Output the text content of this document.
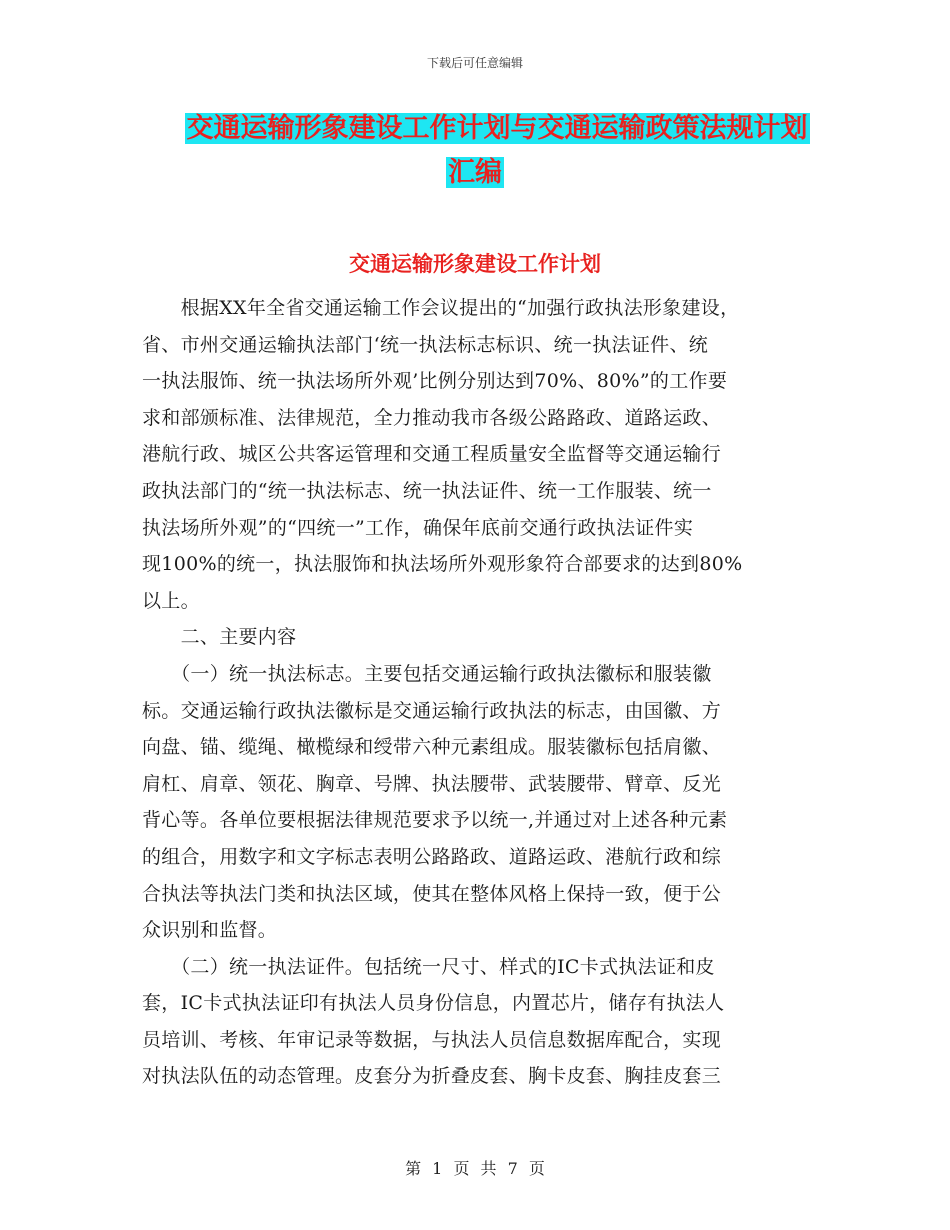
下载后可任意编辑
交通运输形象建设工作计划与交通运输政策法规计划
汇编
交通运输形象建设工作计划
　　根据XX年全省交通运输工作会议提出的“加强行政执法形象建设，
省、市州交通运输执法部门‘统一执法标志标识、统一执法证件、统
一执法服饰、统一执法场所外观’比例分别达到70%、80%”的工作要
求和部颁标准、法律规范，全力推动我市各级公路路政、道路运政、
港航行政、城区公共客运管理和交通工程质量安全监督等交通运输行
政执法部门的“统一执法标志、统一执法证件、统一工作服装、统一
执法场所外观”的“四统一”工作，确保年底前交通行政执法证件实
现100%的统一，执法服饰和执法场所外观形象符合部要求的达到80%
以上。
　　二、主要内容
　　（一）统一执法标志。主要包括交通运输行政执法徽标和服装徽
标。交通运输行政执法徽标是交通运输行政执法的标志，由国徽、方
向盘、锚、缆绳、橄榄绿和绶带六种元素组成。服装徽标包括肩徽、
肩杠、肩章、领花、胸章、号牌、执法腰带、武装腰带、臂章、反光
背心等。各单位要根据法律规范要求予以统一,并通过对上述各种元素
的组合，用数字和文字标志表明公路路政、道路运政、港航行政和综
合执法等执法门类和执法区域，使其在整体风格上保持一致，便于公
众识别和监督。
　　（二）统一执法证件。包括统一尺寸、样式的IC卡式执法证和皮
套，IC卡式执法证印有执法人员身份信息，内置芯片，储存有执法人
员培训、考核、年审记录等数据，与执法人员信息数据库配合，实现
对执法队伍的动态管理。皮套分为折叠皮套、胸卡皮套、胸挂皮套三
第 1 页 共 7 页
